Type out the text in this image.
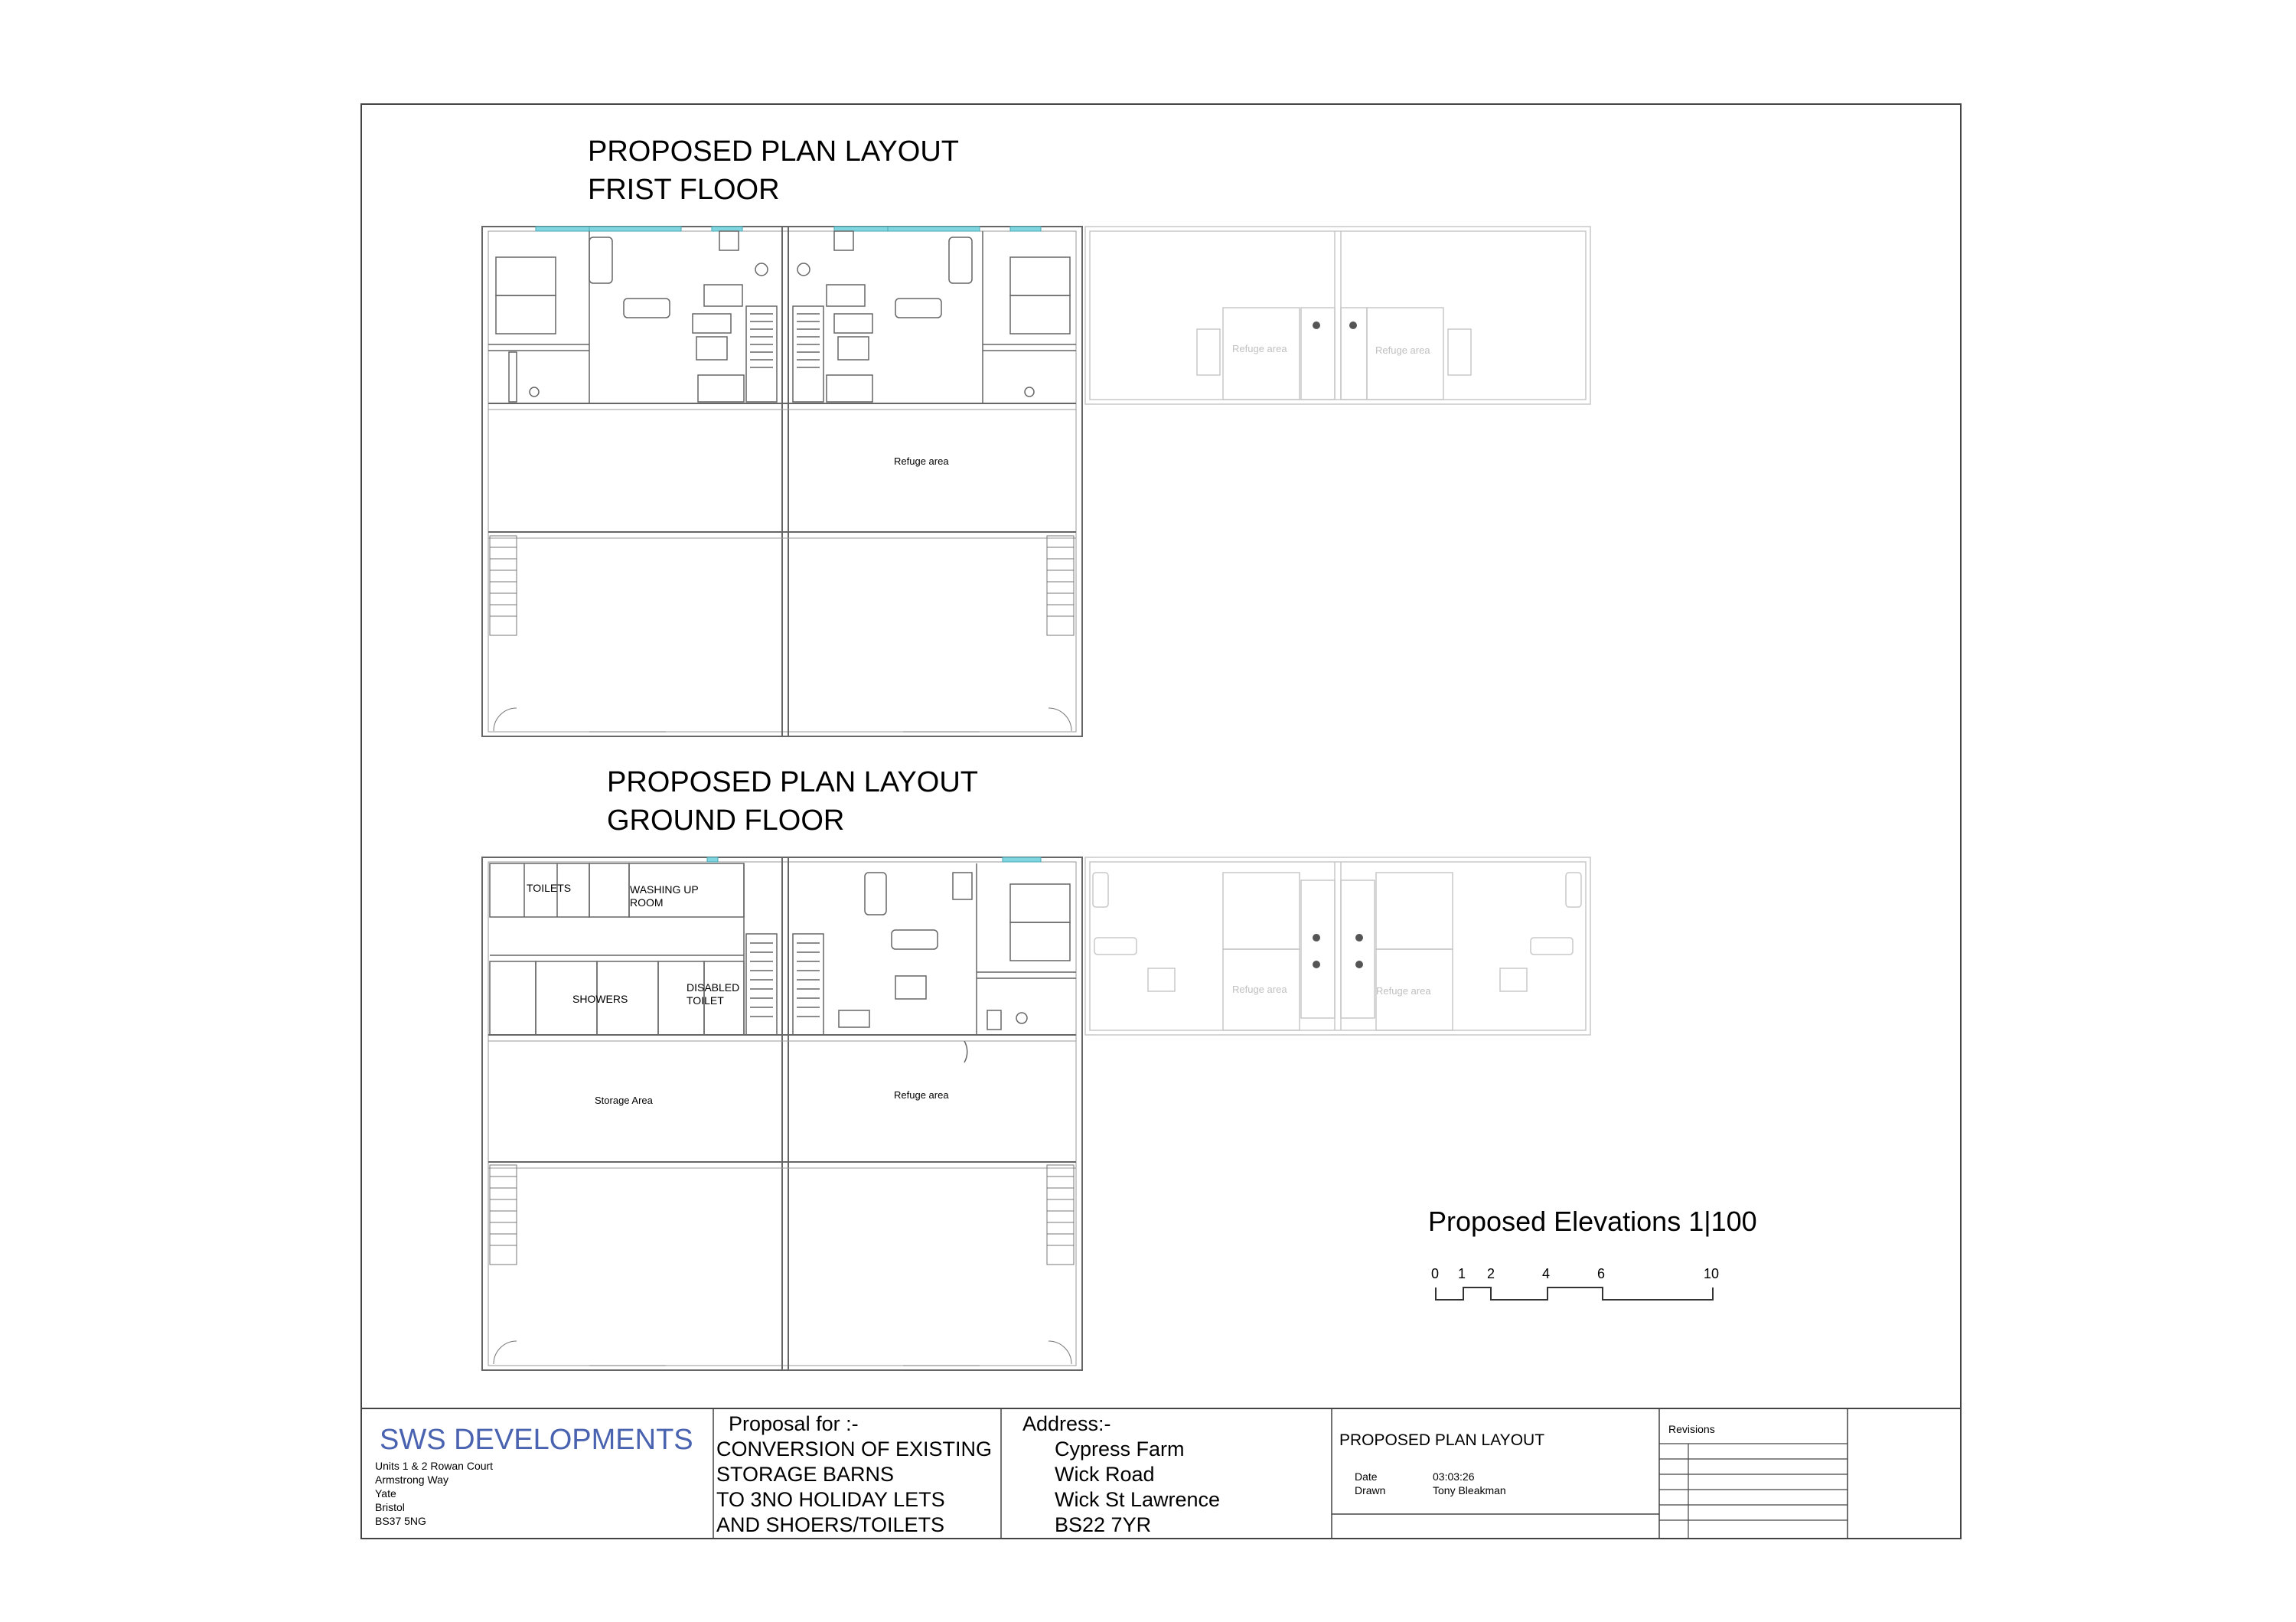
PROPOSED PLAN LAYOUT
FRIST FLOOR
Refuge area
Refuge area	Refuge area
PROPOSED PLAN LAYOUT
GROUND FLOOR
TOILETS	WASHING UP
ROOM
SHOWERS
DISABLED
TOILET
Storage Area	Refuge area
Refuge area	Refuge area
Proposed Elevations 1|100
0 1 2	4	6	10
SWS DEVELOPMENTS
Units 1 & 2 Rowan Court
Armstrong Way
Yate
Bristol
BS37 5NG
Proposal for :-
CONVERSION OF EXISTING
STORAGE BARNS
TO 3NO HOLIDAY LETS
AND SHOERS/TOILETS
Address:-
Cypress Farm
Wick Road
Wick St Lawrence
BS22 7YR
PROPOSED PLAN LAYOUT
Date	03:03:26
Drawn	Tony Bleakman
Revisions
